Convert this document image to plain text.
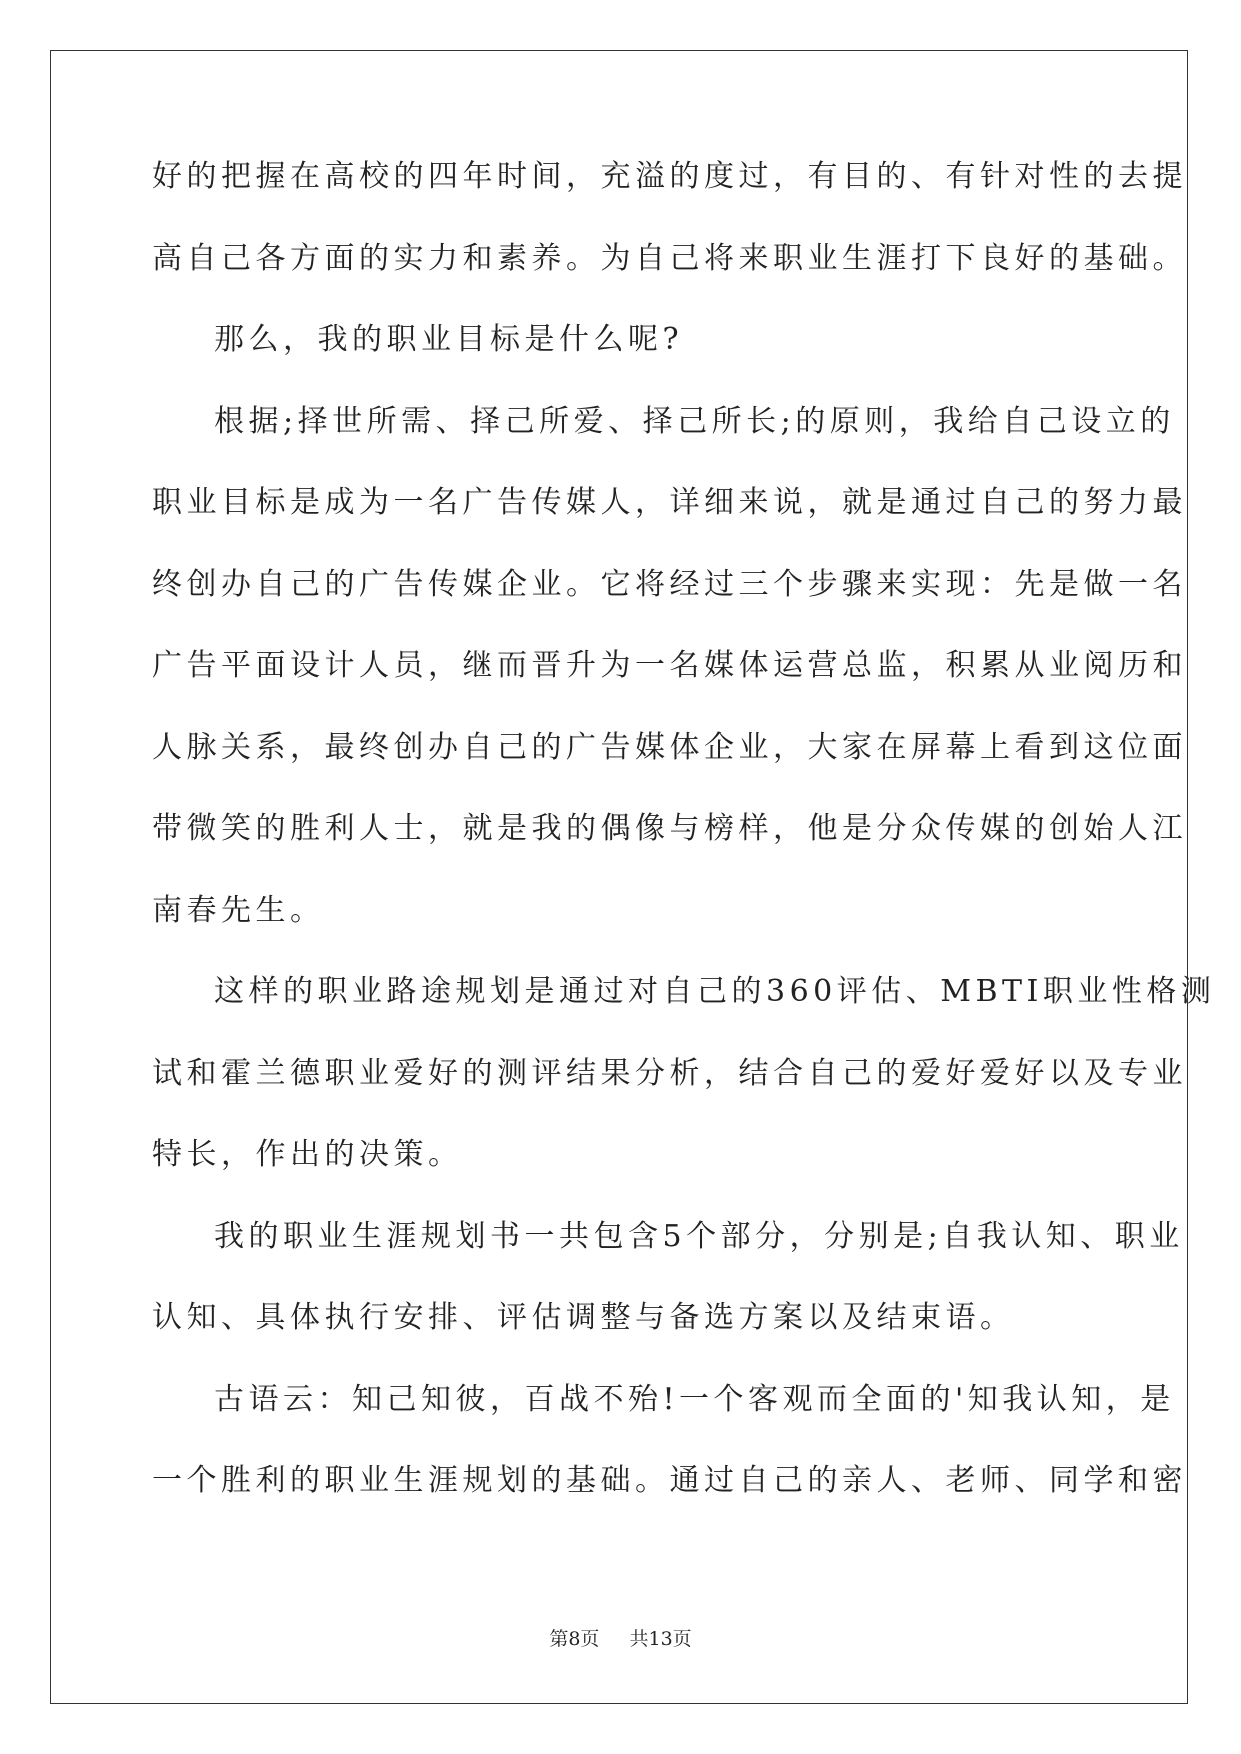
好的把握在高校的四年时间，充溢的度过，有目的、有针对性的去提
高自己各方面的实力和素养。为自己将来职业生涯打下良好的基础。
那么，我的职业目标是什么呢?
根据;择世所需、择己所爱、择己所长;的原则，我给自己设立的
职业目标是成为一名广告传媒人，详细来说，就是通过自己的努力最
终创办自己的广告传媒企业。它将经过三个步骤来实现：先是做一名
广告平面设计人员，继而晋升为一名媒体运营总监，积累从业阅历和
人脉关系，最终创办自己的广告媒体企业，大家在屏幕上看到这位面
带微笑的胜利人士，就是我的偶像与榜样，他是分众传媒的创始人江
南春先生。
这样的职业路途规划是通过对自己的360评估、MBTI职业性格测
试和霍兰德职业爱好的测评结果分析，结合自己的爱好爱好以及专业
特长，作出的决策。
我的职业生涯规划书一共包含5个部分，分别是;自我认知、职业
认知、具体执行安排、评估调整与备选方案以及结束语。
古语云：知己知彼，百战不殆!一个客观而全面的'知我认知，是
一个胜利的职业生涯规划的基础。通过自己的亲人、老师、同学和密
第8页 共13页
